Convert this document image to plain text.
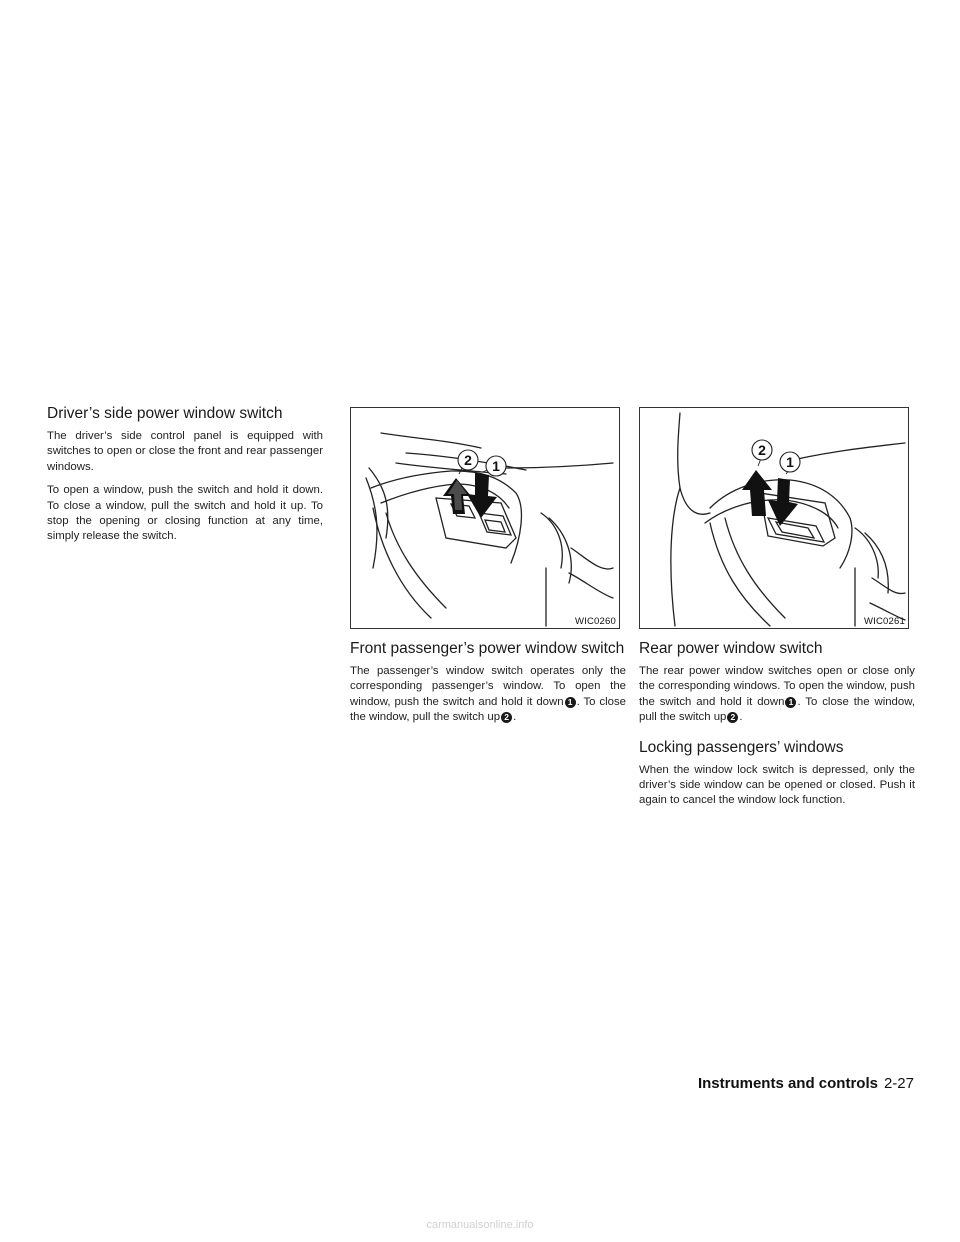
Driver’s side power window switch

The driver’s side control panel is equipped with switches to open or close the front and rear passenger windows.

To open a window, push the switch and hold it down. To close a window, pull the switch and hold it up. To stop the opening or closing function at any time, simply release the switch.

2 1
WIC0260
Front passenger’s power window switch

The passenger’s window switch operates only the corresponding passenger’s window. To open the window, push the switch and hold it down 1 . To close the window, pull the switch up 2 .

2
1
WIC0261
Rear power window switch

The rear power window switches open or close only the corresponding windows. To open the window, push the switch and hold it down 1 . To close the window, pull the switch up 2 .

Locking passengers’ windows

When the window lock switch is depressed, only the driver’s side window can be opened or closed. Push it again to cancel the window lock function.

Instruments and controls 2-27
carmanualsonline.info
